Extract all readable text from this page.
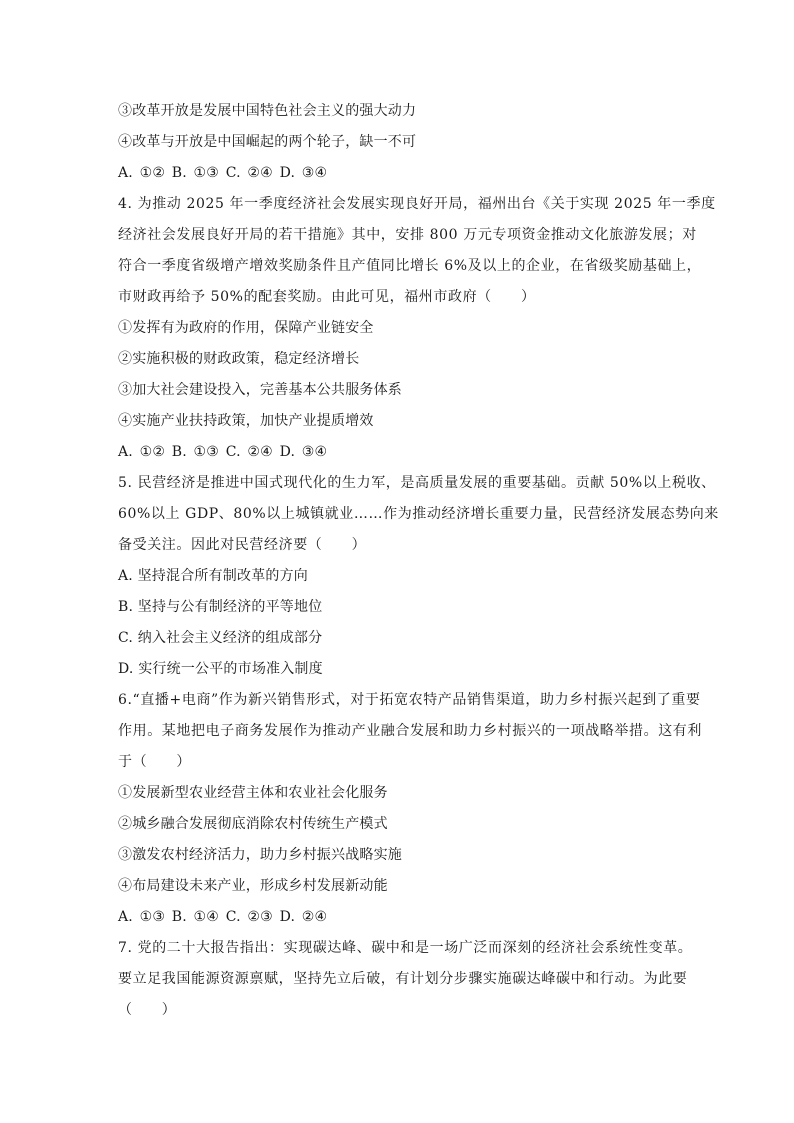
③改革开放是发展中国特色社会主义的强大动力
④改革与开放是中国崛起的两个轮子，缺一不可
A. ①② B. ①③ C. ②④ D. ③④
4. 为推动 2025 年一季度经济社会发展实现良好开局，福州出台《关于实现 2025 年一季度
经济社会发展良好开局的若干措施》其中，安排 800 万元专项资金推动文化旅游发展；对
符合一季度省级增产增效奖励条件且产值同比增长 6%及以上的企业，在省级奖励基础上，
市财政再给予 50%的配套奖励。由此可见，福州市政府（　　）
①发挥有为政府的作用，保障产业链安全
②实施积极的财政政策，稳定经济增长
③加大社会建设投入，完善基本公共服务体系
④实施产业扶持政策，加快产业提质增效
A. ①② B. ①③ C. ②④ D. ③④
5. 民营经济是推进中国式现代化的生力军，是高质量发展的重要基础。贡献 50%以上税收、
60%以上 GDP、80%以上城镇就业……作为推动经济增长重要力量，民营经济发展态势向来
备受关注。因此对民营经济要（　　）
A. 坚持混合所有制改革的方向
B. 坚持与公有制经济的平等地位
C. 纳入社会主义经济的组成部分
D. 实行统一公平的市场准入制度
6.“直播+电商”作为新兴销售形式，对于拓宽农特产品销售渠道，助力乡村振兴起到了重要
作用。某地把电子商务发展作为推动产业融合发展和助力乡村振兴的一项战略举措。这有利
于（　　）
①发展新型农业经营主体和农业社会化服务
②城乡融合发展彻底消除农村传统生产模式
③激发农村经济活力，助力乡村振兴战略实施
④布局建设未来产业，形成乡村发展新动能
A. ①③ B. ①④ C. ②③ D. ②④
7. 党的二十大报告指出：实现碳达峰、碳中和是一场广泛而深刻的经济社会系统性变革。
要立足我国能源资源禀赋，坚持先立后破，有计划分步骤实施碳达峰碳中和行动。为此要
（　　）
